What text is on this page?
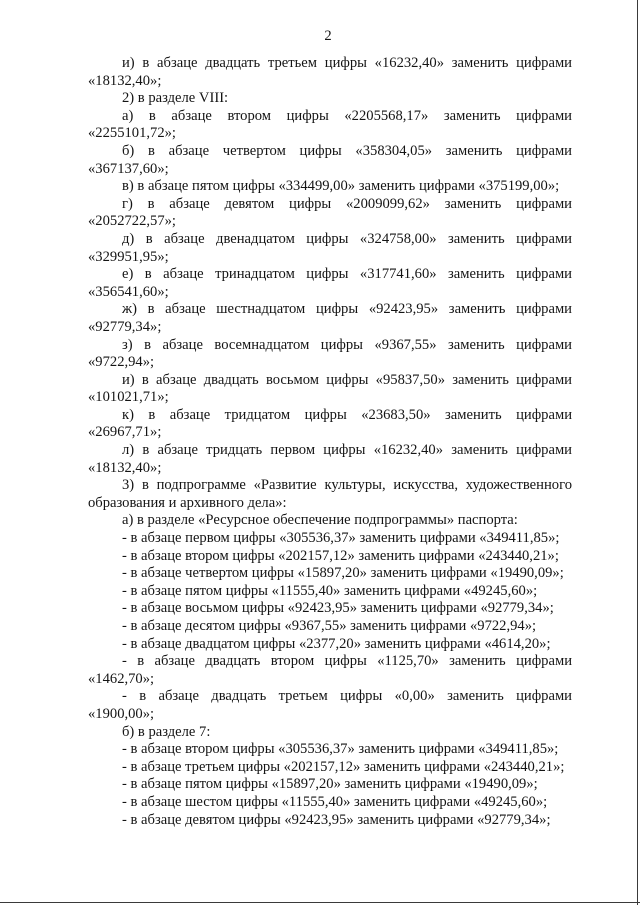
2
и) в абзаце двадцать третьем цифры «16232,40» заменить цифрами
«18132,40»;
2) в разделе VIII:
а) в абзаце втором цифры «2205568,17» заменить цифрами
«2255101,72»;
б) в абзаце четвертом цифры «358304,05» заменить цифрами
«367137,60»;
в) в абзаце пятом цифры «334499,00» заменить цифрами «375199,00»;
г) в абзаце девятом цифры «2009099,62» заменить цифрами
«2052722,57»;
д) в абзаце двенадцатом цифры «324758,00» заменить цифрами
«329951,95»;
е) в абзаце тринадцатом цифры «317741,60» заменить цифрами
«356541,60»;
ж) в абзаце шестнадцатом цифры «92423,95» заменить цифрами
«92779,34»;
з) в абзаце восемнадцатом цифры «9367,55» заменить цифрами
«9722,94»;
и) в абзаце двадцать восьмом цифры «95837,50» заменить цифрами
«101021,71»;
к) в абзаце тридцатом цифры «23683,50» заменить цифрами
«26967,71»;
л) в абзаце тридцать первом цифры «16232,40» заменить цифрами
«18132,40»;
3) в подпрограмме «Развитие культуры, искусства, художественного
образования и архивного дела»:
а) в разделе «Ресурсное обеспечение подпрограммы» паспорта:
- в абзаце первом цифры «305536,37» заменить цифрами «349411,85»;
- в абзаце втором цифры «202157,12» заменить цифрами «243440,21»;
- в абзаце четвертом цифры «15897,20» заменить цифрами «19490,09»;
- в абзаце пятом цифры «11555,40» заменить цифрами «49245,60»;
- в абзаце восьмом цифры «92423,95» заменить цифрами «92779,34»;
- в абзаце десятом цифры «9367,55» заменить цифрами «9722,94»;
- в абзаце двадцатом цифры «2377,20» заменить цифрами «4614,20»;
- в абзаце двадцать втором цифры «1125,70» заменить цифрами
«1462,70»;
- в абзаце двадцать третьем цифры «0,00» заменить цифрами
«1900,00»;
б) в разделе 7:
- в абзаце втором цифры «305536,37» заменить цифрами «349411,85»;
- в абзаце третьем цифры «202157,12» заменить цифрами «243440,21»;
- в абзаце пятом цифры «15897,20» заменить цифрами «19490,09»;
- в абзаце шестом цифры «11555,40» заменить цифрами «49245,60»;
- в абзаце девятом цифры «92423,95» заменить цифрами «92779,34»;
